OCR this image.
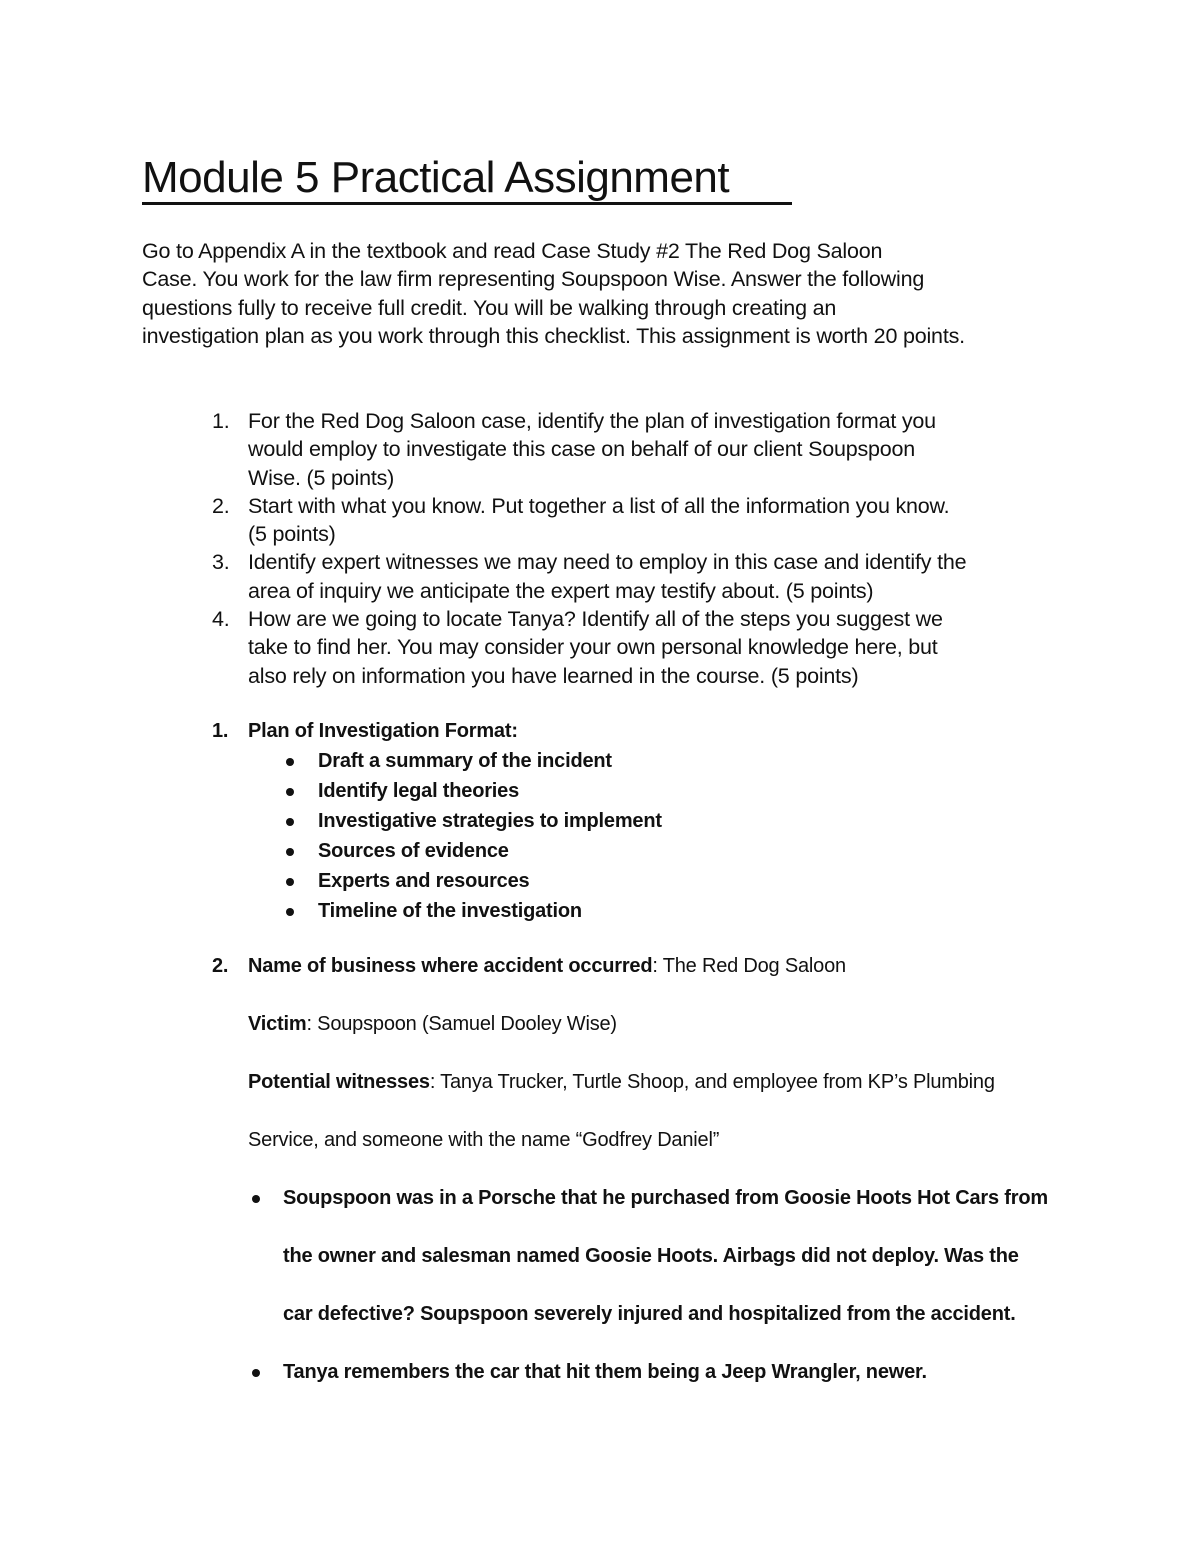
Module 5 Practical Assignment

Go to Appendix A in the textbook and read Case Study #2 The Red Dog Saloon
Case. You work for the law firm representing Soupspoon Wise. Answer the following
questions fully to receive full credit. You will be walking through creating an
investigation plan as you work through this checklist. This assignment is worth 20 points.

1. For the Red Dog Saloon case, identify the plan of investigation format you
would employ to investigate this case on behalf of our client Soupspoon
Wise. (5 points)
2. Start with what you know. Put together a list of all the information you know.
(5 points)
3. Identify expert witnesses we may need to employ in this case and identify the
area of inquiry we anticipate the expert may testify about. (5 points)
4. How are we going to locate Tanya? Identify all of the steps you suggest we
take to find her. You may consider your own personal knowledge here, but
also rely on information you have learned in the course. (5 points)
1. Plan of Investigation Format:
Draft a summary of the incident
Identify legal theories
Investigative strategies to implement
Sources of evidence
Experts and resources
Timeline of the investigation
2. Name of business where accident occurred: The Red Dog Saloon
Victim: Soupspoon (Samuel Dooley Wise)
Potential witnesses: Tanya Trucker, Turtle Shoop, and employee from KP’s Plumbing
Service, and someone with the name “Godfrey Daniel”
Soupspoon was in a Porsche that he purchased from Goosie Hoots Hot Cars from
the owner and salesman named Goosie Hoots. Airbags did not deploy. Was the
car defective? Soupspoon severely injured and hospitalized from the accident.
Tanya remembers the car that hit them being a Jeep Wrangler, newer.
